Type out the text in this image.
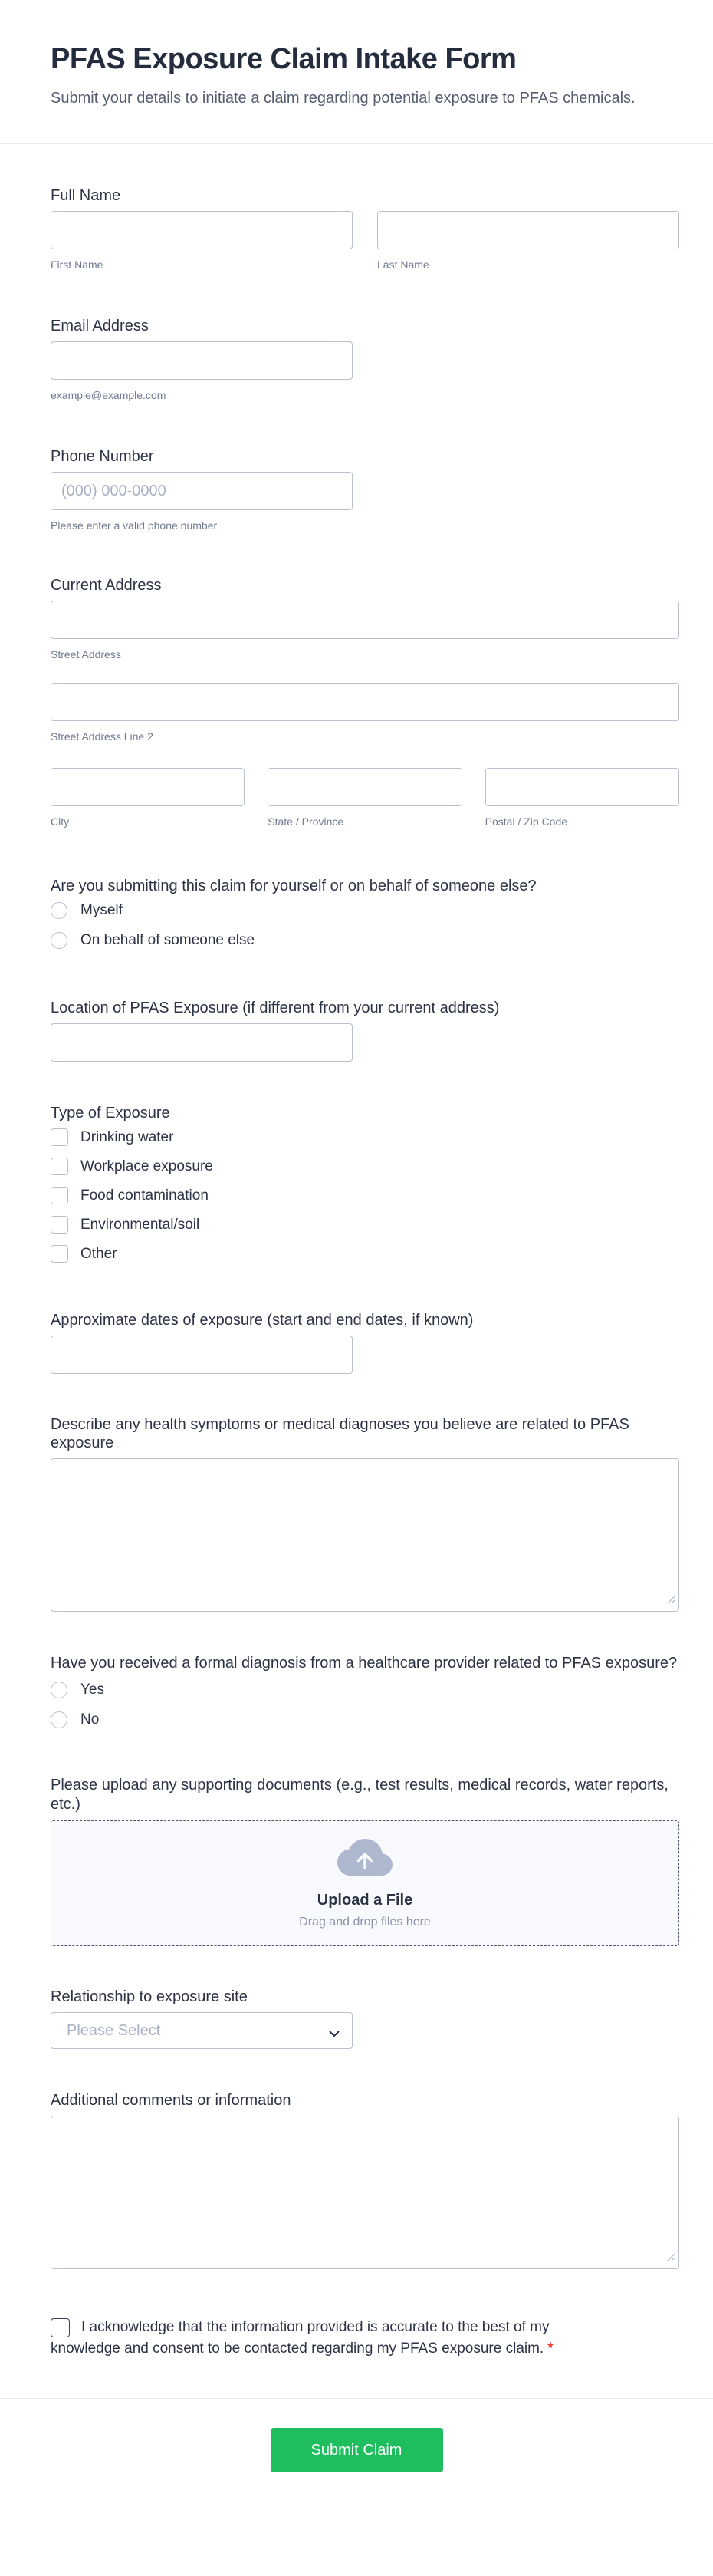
PFAS Exposure Claim Intake Form

Submit your details to initiate a claim regarding potential exposure to PFAS chemicals.

Full Name
First Name	Last Name
Email Address
example@example.com
Phone Number
(000) 000-0000
Please enter a valid phone number.
Current Address
Street Address
Street Address Line 2
City	State / Province	Postal / Zip Code
Are you submitting this claim for yourself or on behalf of someone else?
Myself
On behalf of someone else
Location of PFAS Exposure (if different from your current address)
Type of Exposure
Drinking water
Workplace exposure
Food contamination
Environmental/soil
Other
Approximate dates of exposure (start and end dates, if known)
Describe any health symptoms or medical diagnoses you believe are related to PFAS exposure
Have you received a formal diagnosis from a healthcare provider related to PFAS exposure?
Yes
No
Please upload any supporting documents (e.g., test results, medical records, water reports, etc.)
Upload a File
Drag and drop files here
Relationship to exposure site
Please Select
Additional comments or information
I acknowledge that the information provided is accurate to the best of my knowledge and consent to be contacted regarding my PFAS exposure claim. *
Submit Claim
